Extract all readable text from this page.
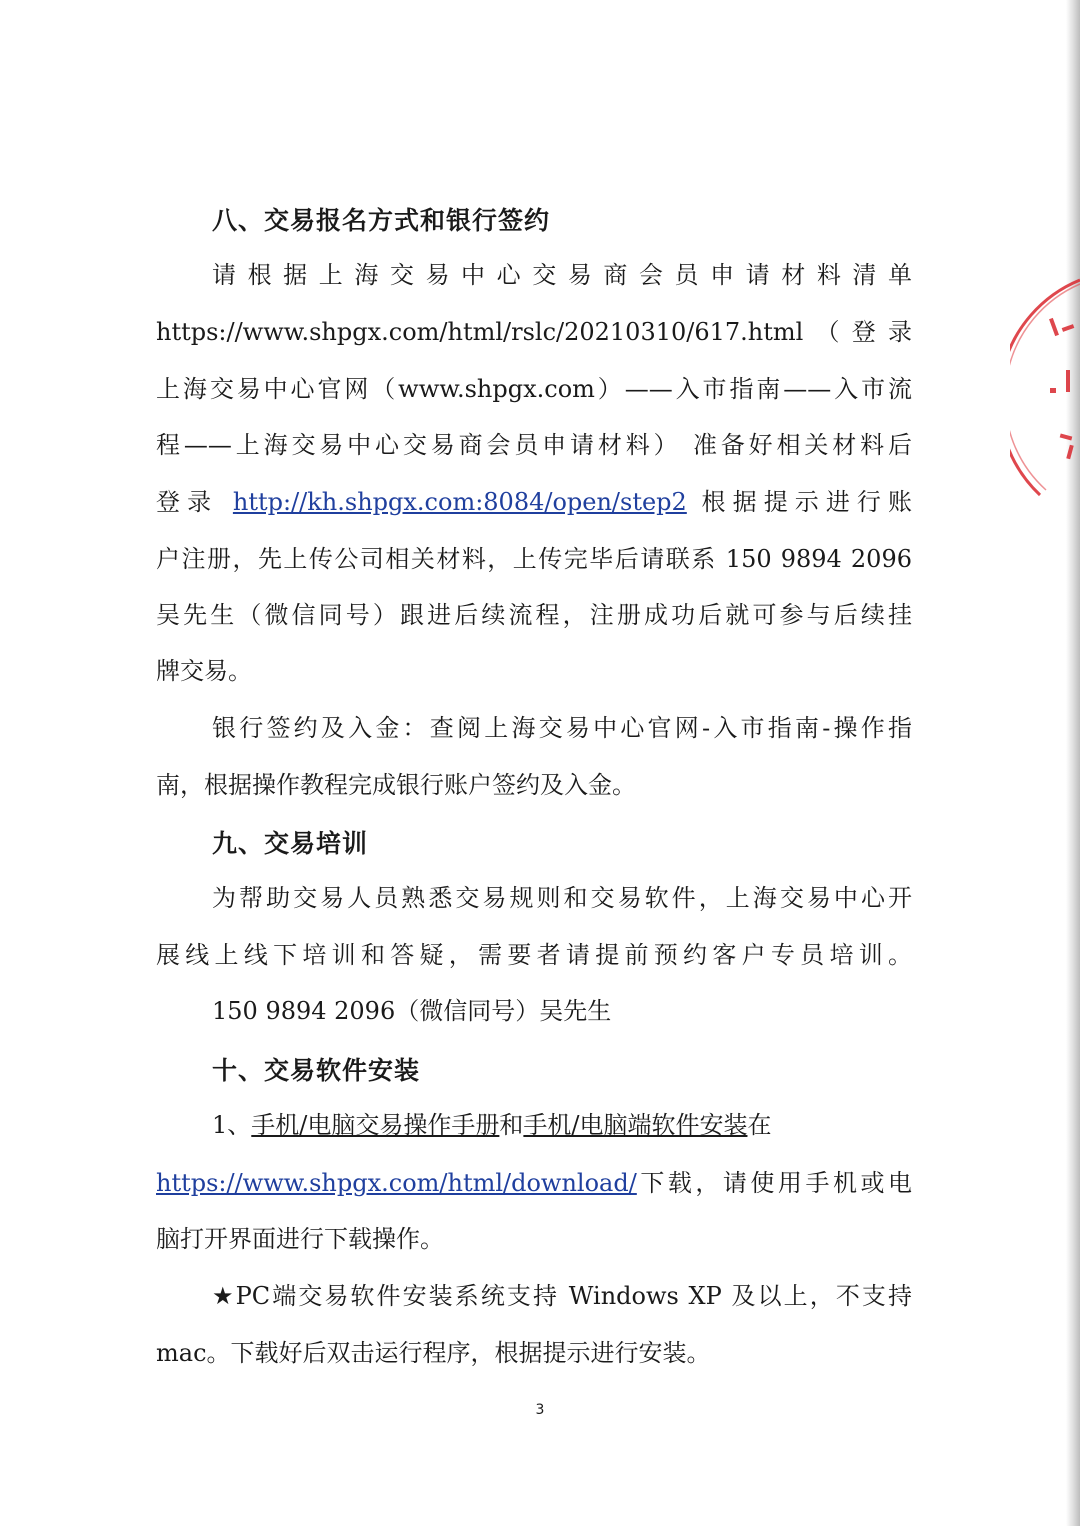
八、交易报名方式和银行签约
请根据上海交易中心交易商会员申请材料清单
https://www.shpgx.com/html/rslc/20210310/617.html（登录
上海交易中心官网（www.shpgx.com）——入市指南——入市流
程——上海交易中心交易商会员申请材料） 准备好相关材料后
登录 http://kh.shpgx.com:8084/open/step2 根据提示进行账
户注册，先上传公司相关材料，上传完毕后请联系 150 9894 2096
吴先生（微信同号）跟进后续流程，注册成功后就可参与后续挂
牌交易。
银行签约及入金：查阅上海交易中心官网-入市指南-操作指
南，根据操作教程完成银行账户签约及入金。
九、交易培训
为帮助交易人员熟悉交易规则和交易软件，上海交易中心开
展线上线下培训和答疑，需要者请提前预约客户专员培训。
150 9894 2096（微信同号）吴先生
十、交易软件安装
1、手机/电脑交易操作手册和手机/电脑端软件安装在
https://www.shpgx.com/html/download/下载，请使用手机或电
脑打开界面进行下载操作。
★PC端交易软件安装系统支持 Windows XP 及以上，不支持
mac。下载好后双击运行程序，根据提示进行安装。
3
